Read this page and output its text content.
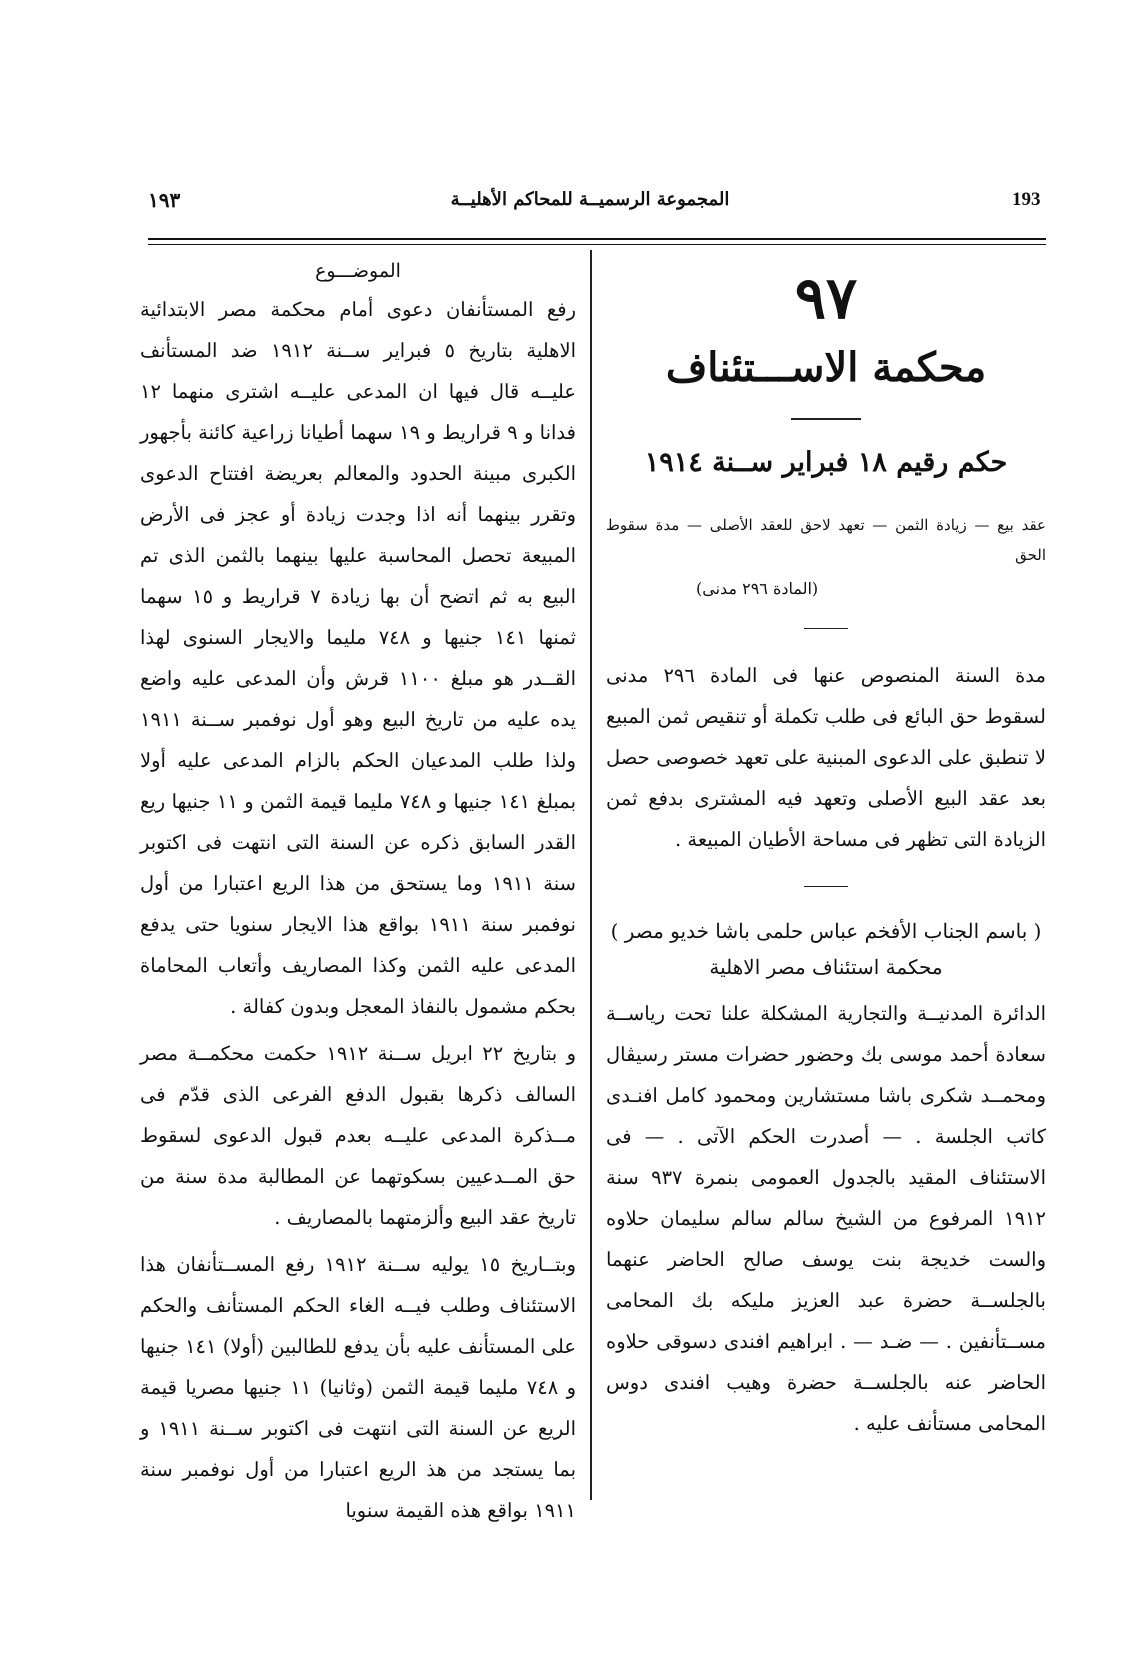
193
المجموعة الرسميــة للمحاكم الأهليــة
١٩٣
٩٧
محكمة الاســـتئناف
حكم رقيم ١٨ فبراير ســنة ١٩١٤
عقد بيع — زيادة الثمن — تعهد لاحق للعقد الأصلى — مدة سقوط الحق
(المادة ٢٩٦ مدنى)

مدة السنة المنصوص عنها فى المادة ٢٩٦ مدنى لسقوط حق البائع فى طلب تكملة أو تنقيص ثمن المبيع لا تنطبق على الدعوى المبنية على تعهد خصوصى حصل بعد عقد البيع الأصلى وتعهد فيه المشترى بدفع ثمن الزيادة التى تظهر فى مساحة الأطيان المبيعة .

( باسم الجناب الأفخم عباس حلمى باشا خديو مصر )
محكمة استئناف مصر الاهلية

الدائرة المدنيــة والتجارية المشكلة علنا تحت رياســة سعادة أحمد موسى بك وحضور حضرات مستر رسيڤال ومحمــد شكرى باشا مستشارين ومحمود كامل افنـدى كاتب الجلسة . — أصدرت الحكم الآتى . — فى الاستئناف المقيد بالجدول العمومى بنمرة ٩٣٧ سنة ١٩١٢ المرفوع من الشيخ سالم سالم سليمان حلاوه والست خديجة بنت يوسف صالح الحاضر عنهما بالجلســة حضرة عبد العزيز مليكه بك المحامى مســتأنفين . — ضـد — . ابراهيم افندى دسوقى حلاوه الحاضر عنه بالجلســة حضرة وهيب افندى دوس المحامى مستأنف عليه .

الموضـــوع

رفع المستأنفان دعوى أمام محكمة مصر الابتدائية الاهلية بتاريخ ٥ فبراير ســنة ١٩١٢ ضد المستأنف عليــه قال فيها ان المدعى عليــه اشترى منهما ١٢ فدانا و ٩ قراريط و ١٩ سهما أطيانا زراعية كائنة بأجهور الكبرى مبينة الحدود والمعالم بعريضة افتتاح الدعوى وتقرر بينهما أنه اذا وجدت زيادة أو عجز فى الأرض المبيعة تحصل المحاسبة عليها بينهما بالثمن الذى تم البيع به ثم اتضح أن بها زيادة ٧ قراريط و ١٥ سهما ثمنها ١٤١ جنيها و ٧٤٨ مليما والايجار السنوى لهذا القــدر هو مبلغ ١١٠٠ قرش وأن المدعى عليه واضع يده عليه من تاريخ البيع وهو أول نوفمبر ســنة ١٩١١ ولذا طلب المدعيان الحكم بالزام المدعى عليه أولا بمبلغ ١٤١ جنيها و ٧٤٨ مليما قيمة الثمن و ١١ جنيها ريع القدر السابق ذكره عن السنة التى انتهت فى اكتوبر سنة ١٩١١ وما يستحق من هذا الريع اعتبارا من أول نوفمبر سنة ١٩١١ بواقع هذا الايجار سنويا حتى يدفع المدعى عليه الثمن وكذا المصاريف وأتعاب المحاماة بحكم مشمول بالنفاذ المعجل وبدون كفالة .

و بتاريخ ٢٢ ابريل ســنة ١٩١٢ حكمت محكمــة مصر السالف ذكرها بقبول الدفع الفرعى الذى قدّم فى مــذكرة المدعى عليــه بعدم قبول الدعوى لسقوط حق المــدعيين بسكوتهما عن المطالبة مدة سنة من تاريخ عقد البيع وألزمتهما بالمصاريف .

وبتــاريخ ١٥ يوليه ســنة ١٩١٢ رفع المســتأنفان هذا الاستئناف وطلب فيــه الغاء الحكم المستأنف والحكم على المستأنف عليه بأن يدفع للطالبين (أولا) ١٤١ جنيها و ٧٤٨ مليما قيمة الثمن (وثانيا) ١١ جنيها مصريا قيمة الريع عن السنة التى انتهت فى اكتوبر ســنة ١٩١١ و بما يستجد من هذ الريع اعتبارا من أول نوفمبر سنة ١٩١١ بواقع هذه القيمة سنويا
